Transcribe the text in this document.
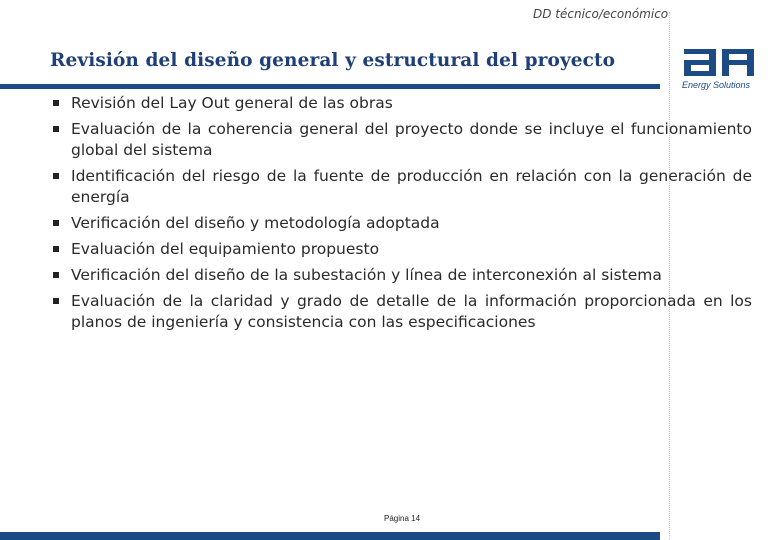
DD técnico/económico
Revisión del diseño general y estructural del proyecto
Energy Solutions
Revisión del Lay Out general de las obras
Evaluación de la coherencia general del proyecto donde se incluye el funcionamiento global del sistema
Identificación del riesgo de la fuente de producción en relación con la generación de energía
Verificación del diseño y metodología adoptada
Evaluación del equipamiento propuesto
Verificación del diseño de la subestación y línea de interconexión al sistema
Evaluación de la claridad y grado de detalle de la información proporcionada en los planos de ingeniería y consistencia con las especificaciones
Página 14
